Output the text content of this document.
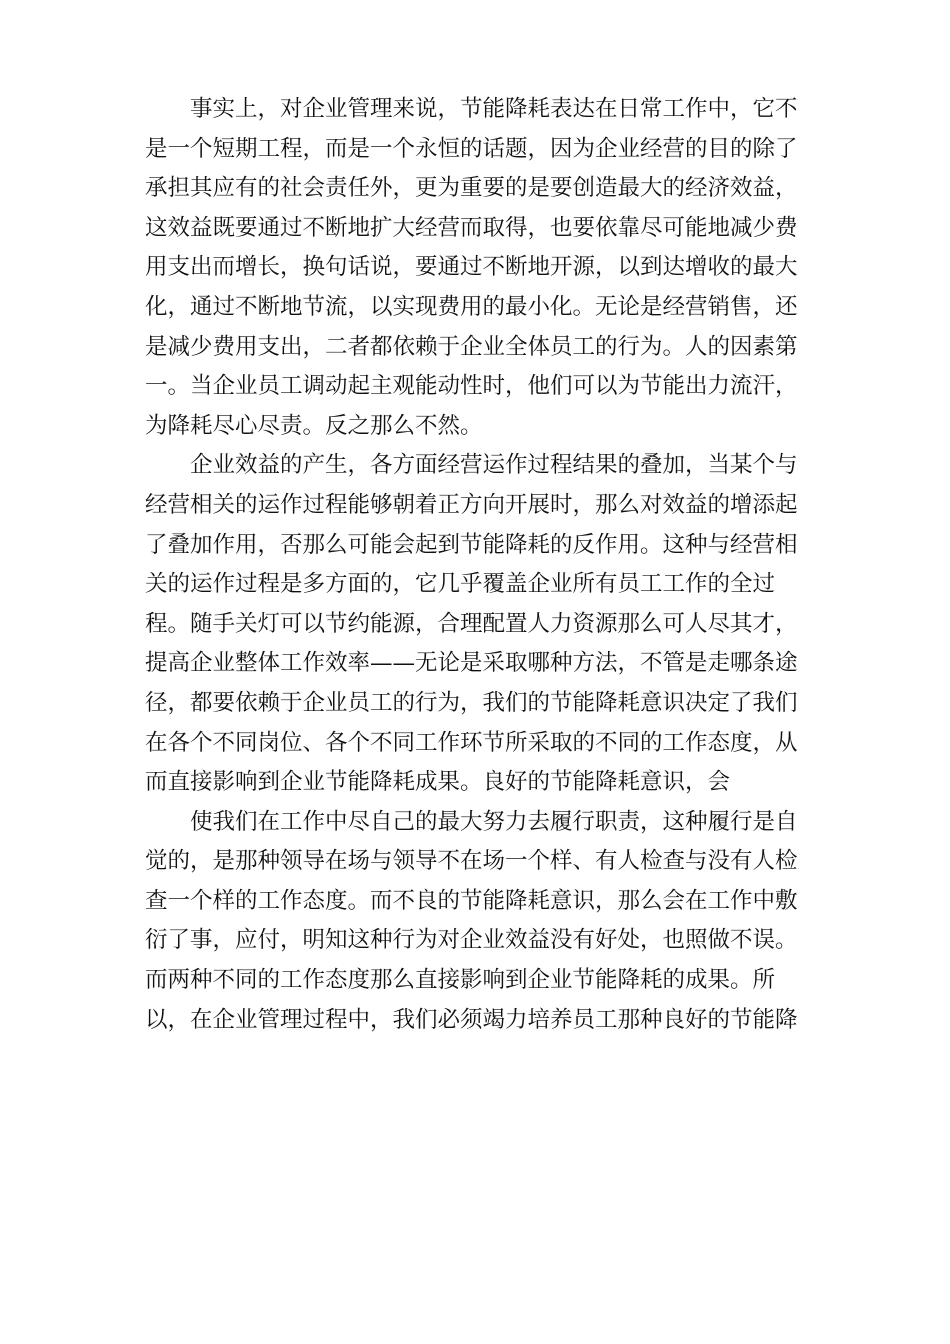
事实上，对企业管理来说，节能降耗表达在日常工作中，它不
是一个短期工程，而是一个永恒的话题，因为企业经营的目的除了
承担其应有的社会责任外，更为重要的是要创造最大的经济效益，
这效益既要通过不断地扩大经营而取得，也要依靠尽可能地减少费
用支出而增长，换句话说，要通过不断地开源，以到达增收的最大
化，通过不断地节流，以实现费用的最小化。无论是经营销售，还
是减少费用支出，二者都依赖于企业全体员工的行为。人的因素第
一。当企业员工调动起主观能动性时，他们可以为节能出力流汗，
为降耗尽心尽责。反之那么不然。
企业效益的产生，各方面经营运作过程结果的叠加，当某个与
经营相关的运作过程能够朝着正方向开展时，那么对效益的增添起
了叠加作用，否那么可能会起到节能降耗的反作用。这种与经营相
关的运作过程是多方面的，它几乎覆盖企业所有员工工作的全过
程。随手关灯可以节约能源，合理配置人力资源那么可人尽其才，
提高企业整体工作效率——无论是采取哪种方法，不管是走哪条途
径，都要依赖于企业员工的行为，我们的节能降耗意识决定了我们
在各个不同岗位、各个不同工作环节所采取的不同的工作态度，从
而直接影响到企业节能降耗成果。良好的节能降耗意识，会
使我们在工作中尽自己的最大努力去履行职责，这种履行是自
觉的，是那种领导在场与领导不在场一个样、有人检查与没有人检
查一个样的工作态度。而不良的节能降耗意识，那么会在工作中敷
衍了事，应付，明知这种行为对企业效益没有好处，也照做不误。
而两种不同的工作态度那么直接影响到企业节能降耗的成果。所
以，在企业管理过程中，我们必须竭力培养员工那种良好的节能降
